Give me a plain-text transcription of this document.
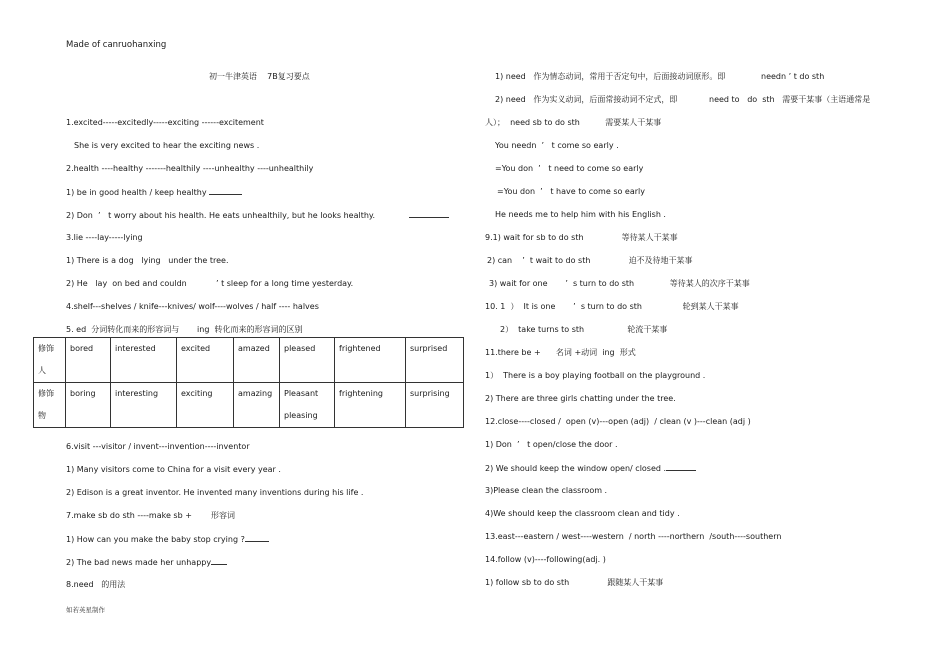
Made of canruohanxing
初一牛津英语    7B复习要点
1.excited-----excitedly-----exciting ------excitement
She is very excited to hear the exciting news .
2.health ----healthy -------healthily ----unhealthy ----unhealthily
1) be in good health / keep healthy
2) Don  ’   t worry about his health. He eats unhealthily, but he looks healthy.
3.lie ----lay-----lying
1) There is a dog   lying   under the tree.
2) He   lay  on bed and couldn	’ t sleep for a long time yesterday.
4.shelf---shelves / knife---knives/ wolf----wolves / half ---- halves
5. ed  分词转化而来的形容词与       ing  转化而来的形容词的区别
修饰人	bored	interested	excited	amazed	pleased	frightened	surprised
修饰物	boring	interesting	exciting	amazing	Pleasant pleasing	frightening	surprising
6.visit ---visitor / invent---invention----inventor
1) Many visitors come to China for a visit every year .
2) Edison is a great inventor. He invented many inventions during his life .
7.make sb do sth ----make sb + 形容词
1) How can you make the baby stop crying ?
2) The bad news made her unhappy
8.need   的用法
1) need   作为情态动词，常用于否定句中，后面接动词原形。即	needn ’ t do sth
2) need   作为实义动词，后面常接动词不定式，即	need to   do  sth   需要干某事（主语通常是
人）；  need sb to do sth          需要某人干某事
You needn  ’   t come so early .
=You don  ’   t need to come so early
=You don  ’   t have to come so early
He needs me to help him with his English .
9.1) wait for sb to do sth               等待某人干某事
2) can    ’  t wait to do sth               迫不及待地干某事
3) wait for one       ’  s turn to do sth              等待某人的次序干某事
10. 1  ）  It is one       ’  s turn to do sth                轮到某人干某事
2）  take turns to sth                 轮流干某事
11.there be +      名词 +动词  ing  形式
1）  There is a boy playing football on the playground .
2) There are three girls chatting under the tree.
12.close----closed /  open (v)---open (adj)  / clean (v )---clean (adj )
1) Don  ’   t open/close the door .
2) We should keep the window open/ closed .
3)Please clean the classroom .
4)We should keep the classroom clean and tidy .
13.east---eastern / west----western  / north ----northern  /south----southern
14.follow (v)----following(adj. )
1) follow sb to do sth               跟随某人干某事
如若英星制作
